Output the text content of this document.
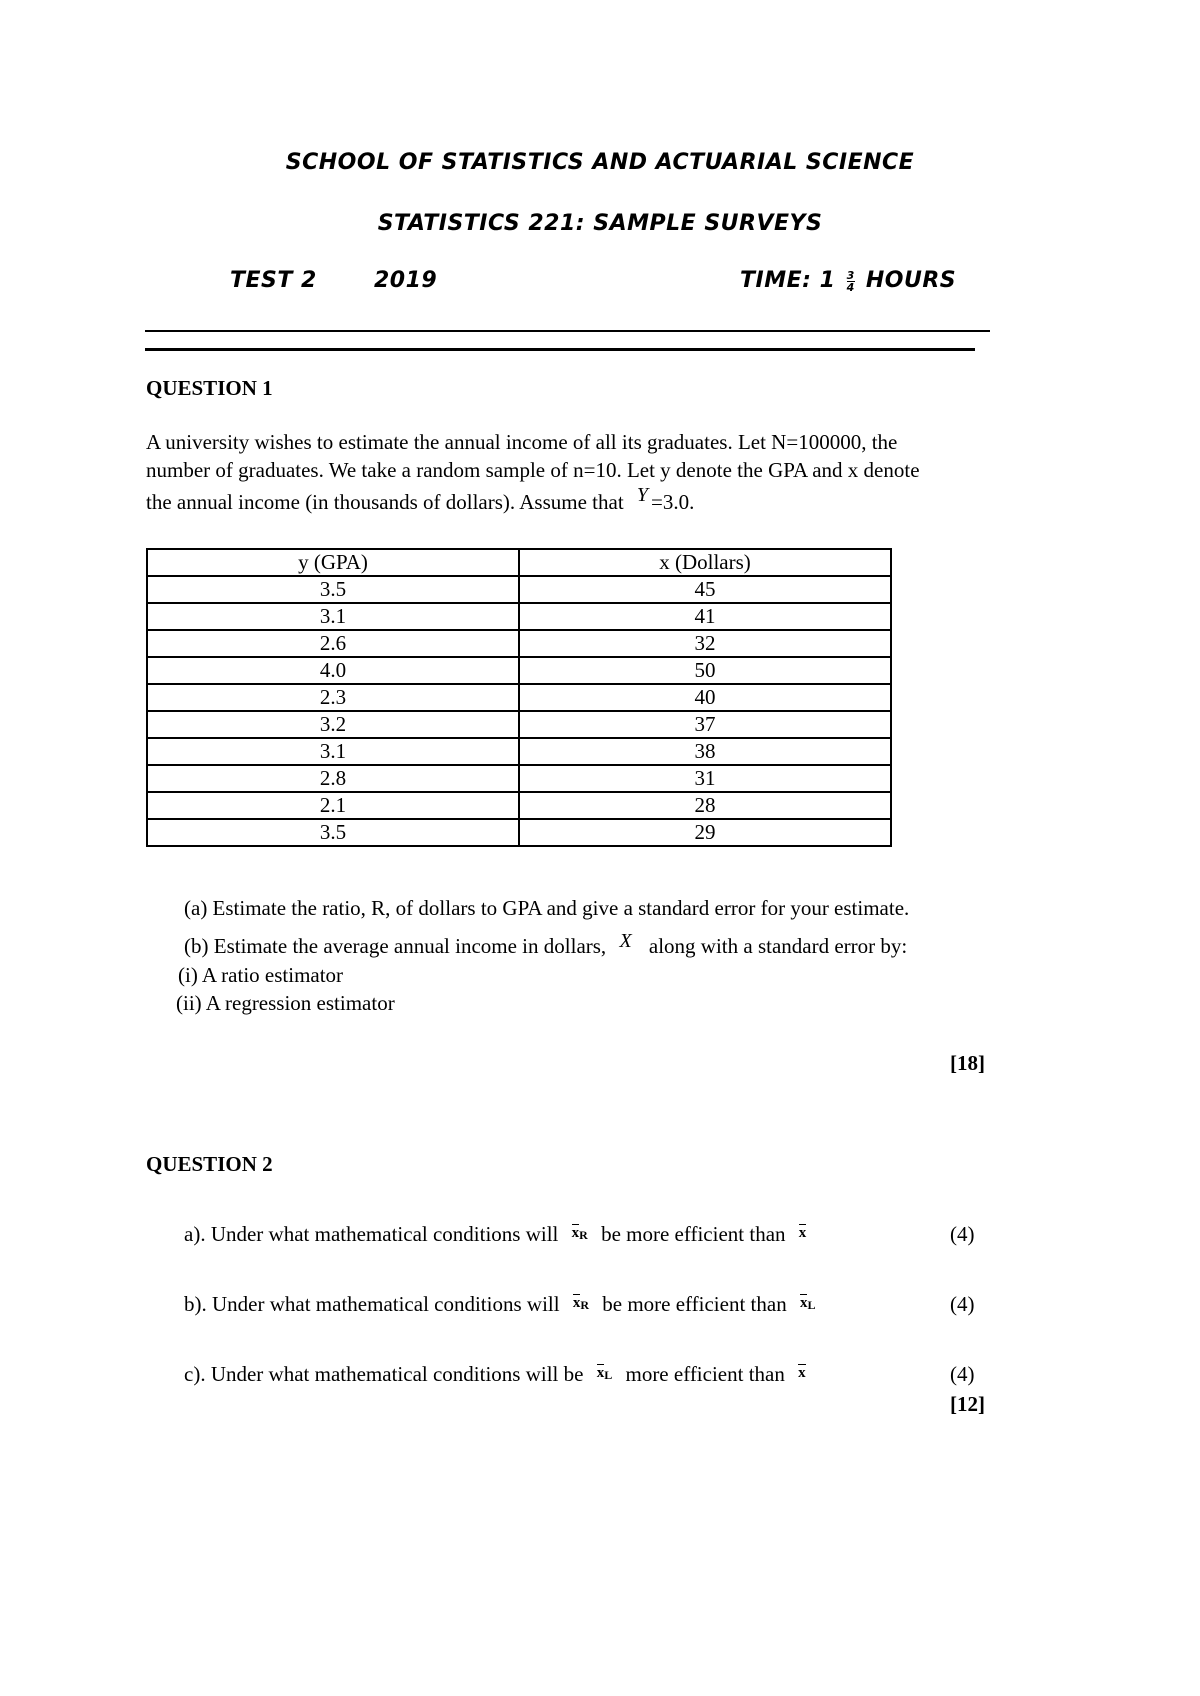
SCHOOL OF STATISTICS AND ACTUARIAL SCIENCE
STATISTICS 221: SAMPLE SURVEYS
TEST 2	2019	TIME: $1 \frac{3}{4}$ HOURS
QUESTION 1

A university wishes to estimate the annual income of all its graduates. Let N=100000, the

number of graduates. We take a random sample of n=10. Let y denote the GPA and x denote

the annual income (in thousands of dollars). Assume that Y =3.0.

y (GPA)	x (Dollars)
3.5	45
3.1	41
2.6	32
4.0	50
2.3	40
3.2	37
3.1	38
2.8	31
2.1	28
3.5	29
(a) Estimate the ratio, R, of dollars to GPA and give a standard error for your estimate.
(b) Estimate the average annual income in dollars, X along with a standard error by:
(i) A ratio estimator
(ii) A regression estimator
[18]
QUESTION 2
a). Under what mathematical conditions will $x_R$ be more efficient than x	(4)
b). Under what mathematical conditions will $x_R$ be more efficient than $x_L$	(4)
c). Under what mathematical conditions will be $x_L$ more efficient than x	(4)
[12]
